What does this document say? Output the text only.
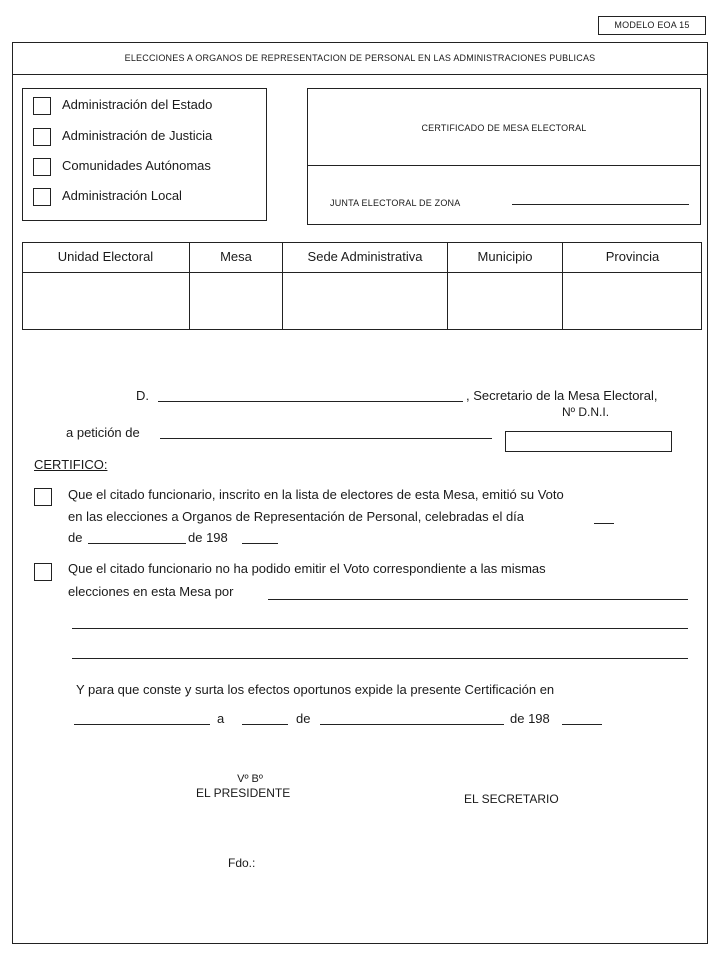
MODELO EOA 15
ELECCIONES A ORGANOS DE REPRESENTACION DE PERSONAL EN LAS ADMINISTRACIONES PUBLICAS
Administración del Estado
Administración de Justicia
Comunidades Autónomas
Administración Local
CERTIFICADO DE MESA ELECTORAL
JUNTA ELECTORAL DE ZONA
Unidad Electoral	Mesa	Sede Administrativa	Municipio	Provincia
D.	, Secretario de la Mesa Electoral,
Nº D.N.I.
a petición de
CERTIFICO:
Que el citado funcionario, inscrito en la lista de electores de esta Mesa, emitió su Voto
en las elecciones a Organos de Representación de Personal, celebradas el día
de	de 198
Que el citado funcionario no ha podido emitir el Voto correspondiente a las mismas
elecciones en esta Mesa por
Y para que conste y surta los efectos oportunos expide la presente Certificación en
a	de	de 198
Vº Bº
EL PRESIDENTE	EL SECRETARIO
Fdo.:
